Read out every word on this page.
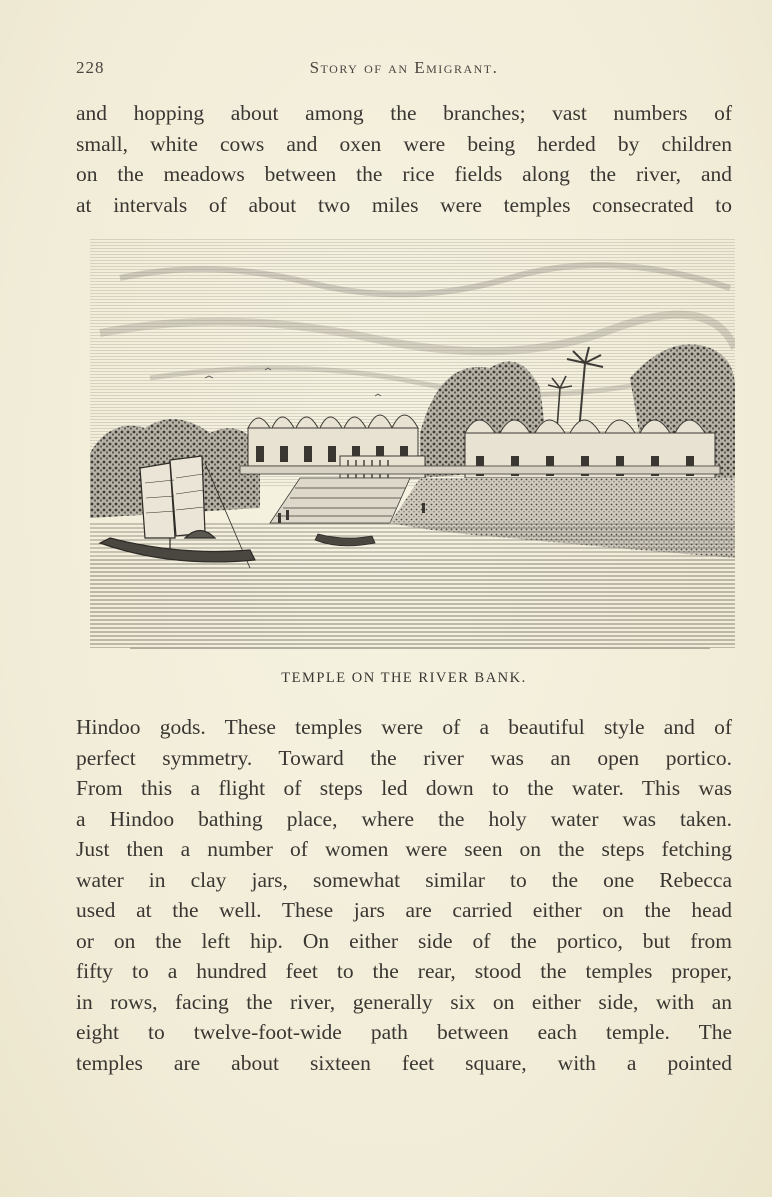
228	Story of an Emigrant.
and hopping about among the branches; vast numbers of
small, white cows and oxen were being herded by children
on the meadows between the rice fields along the river, and
at intervals of about two miles were temples consecrated to
TEMPLE ON THE RIVER BANK.
Hindoo gods. These temples were of a beautiful style and of
perfect symmetry. Toward the river was an open portico.
From this a flight of steps led down to the water. This was
a Hindoo bathing place, where the holy water was taken.
Just then a number of women were seen on the steps fetching
water in clay jars, somewhat similar to the one Rebecca
used at the well. These jars are carried either on the head
or on the left hip. On either side of the portico, but from
fifty to a hundred feet to the rear, stood the temples proper,
in rows, facing the river, generally six on either side, with an
eight to twelve-foot-wide path between each temple. The
temples are about sixteen feet square, with a pointed
